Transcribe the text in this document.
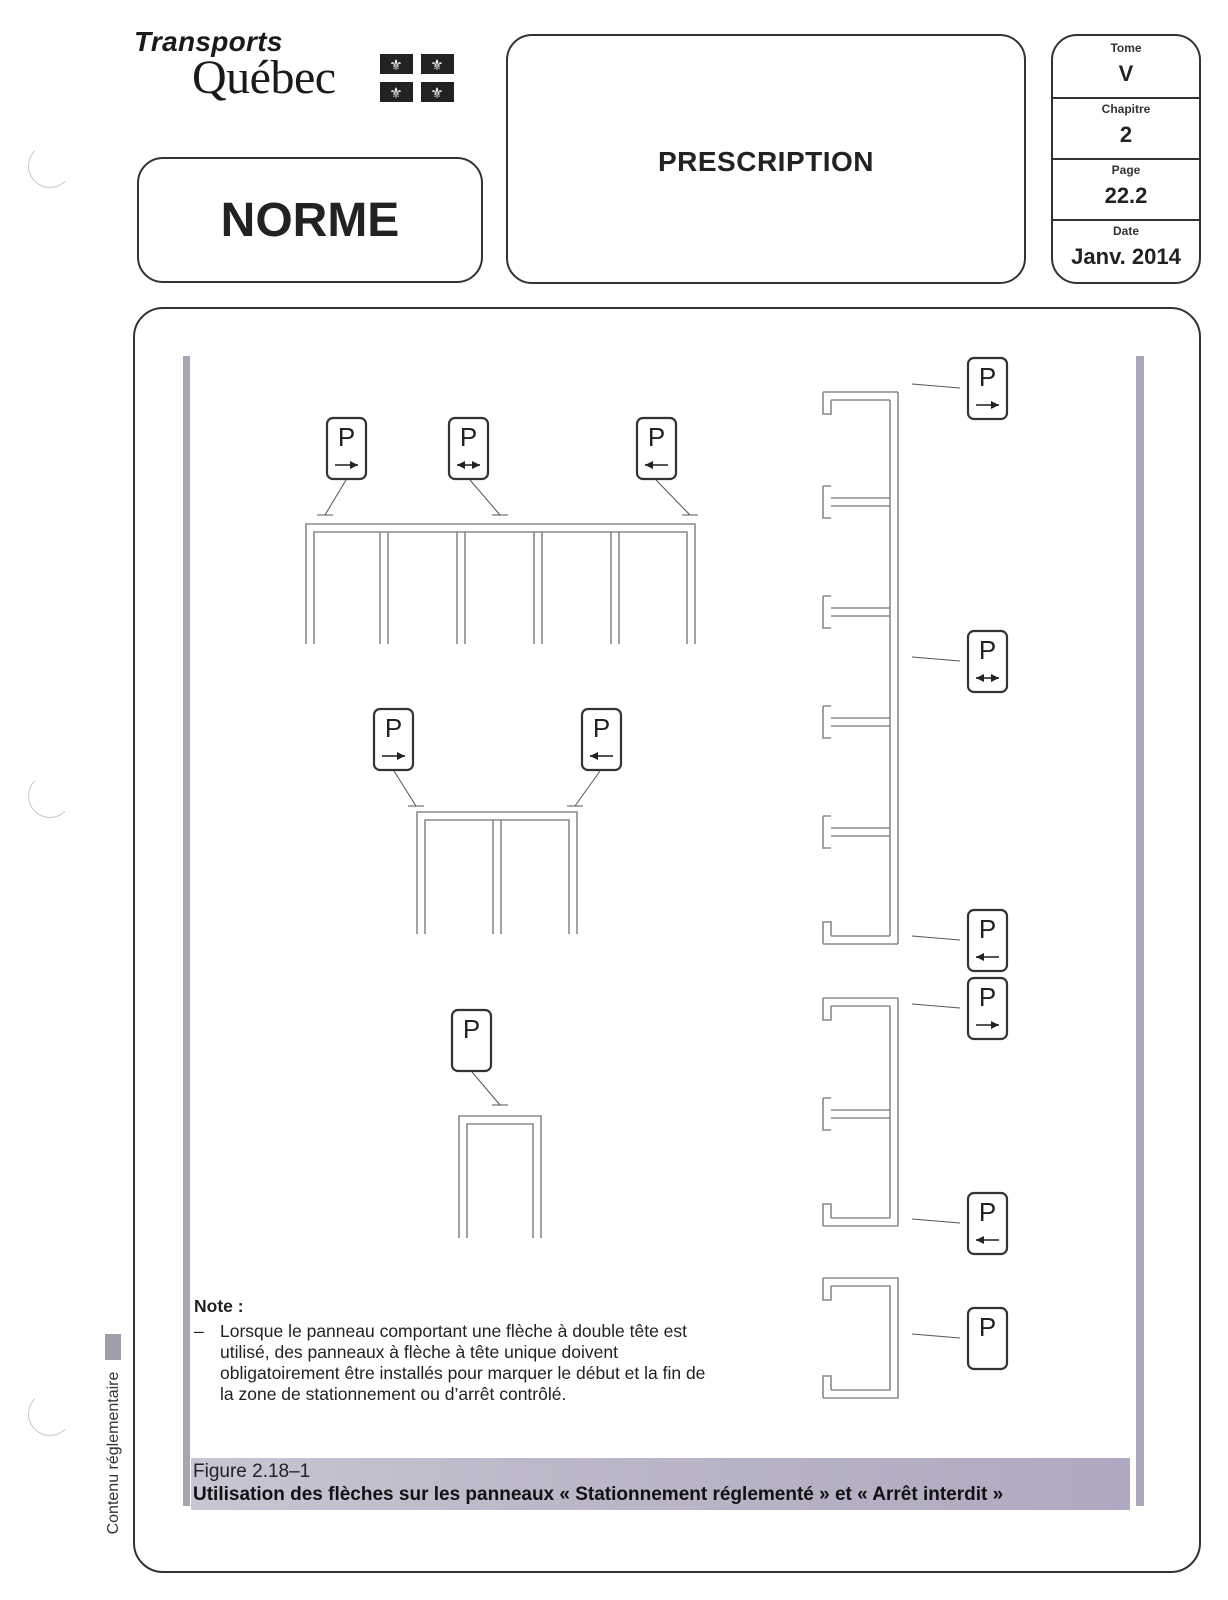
Transports
Québec	⚜ ⚜
⚜ ⚜
NORME
PRESCRIPTION
Tome
V
Chapitre
2
Page
22.2
Date
Janv. 2014
P	P	P
P	P
P
P
P
P
P
P
P
Note :
– Lorsque le panneau comportant une flèche à double tête est utilisé, des panneaux à flèche à tête unique doivent obligatoirement être installés pour marquer le début et la fin de la zone de stationnement ou d’arrêt contrôlé.
Figure 2.18–1
Utilisation des flèches sur les panneaux « Stationnement réglementé » et « Arrêt interdit »
Contenu réglementaire
